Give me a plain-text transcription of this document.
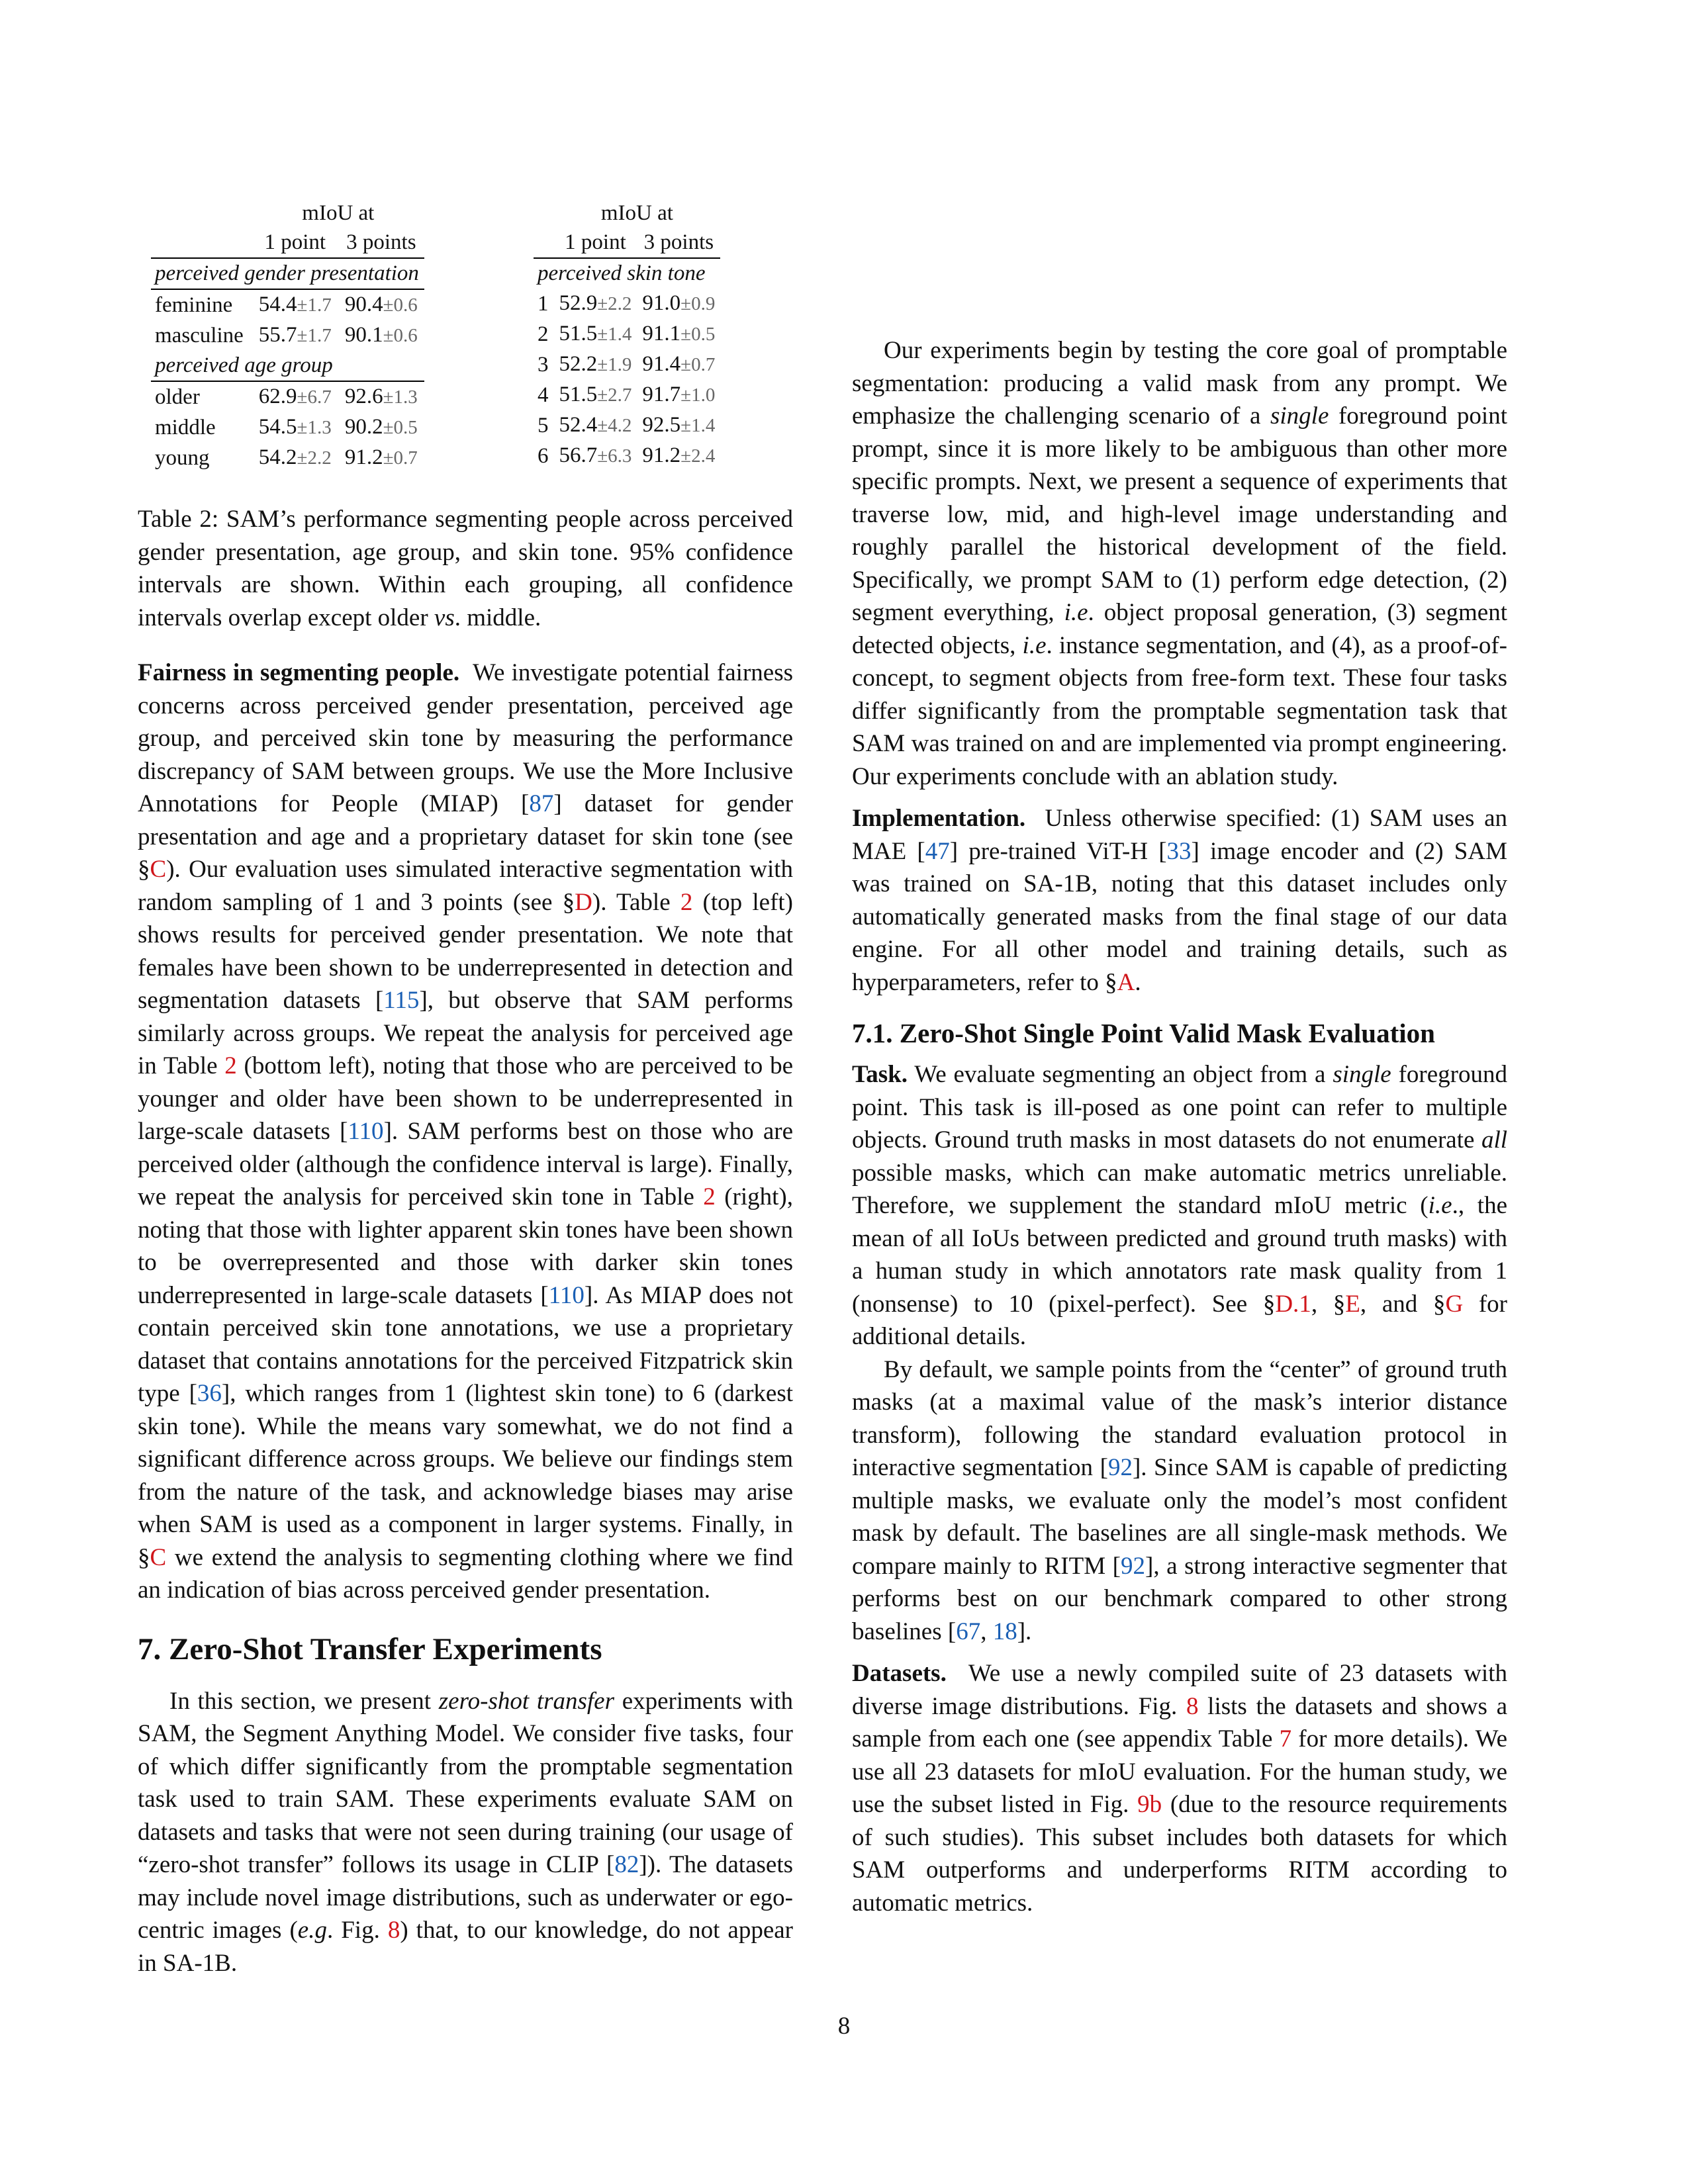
	mIoU at	
	1 point	3 points
perceived gender presentation		
feminine	54.4±1.7	90.4±0.6
masculine	55.7±1.7	90.1±0.6
perceived age group		
older	62.9±6.7	92.6±1.3
middle	54.5±1.3	90.2±0.5
young	54.2±2.2	91.2±0.7
	mIoU at	
	1 point	3 points
perceived skin tone		
1	52.9±2.2	91.0±0.9
2	51.5±1.4	91.1±0.5
3	52.2±1.9	91.4±0.7
4	51.5±2.7	91.7±1.0
5	52.4±4.2	92.5±1.4
6	56.7±6.3	91.2±2.4

Table 2: SAM’s performance segmenting people across perceived gender presentation, age group, and skin tone. 95% confidence intervals are shown. Within each grouping, all confidence intervals overlap except older vs. middle.

Fairness in segmenting people. We investigate potential fairness concerns across perceived gender presentation, perceived age group, and perceived skin tone by measuring the performance discrepancy of SAM between groups. We use the More Inclusive Annotations for People (MIAP) [87] dataset for gender presentation and age and a proprietary dataset for skin tone (see §C). Our evaluation uses simulated interactive segmentation with random sampling of 1 and 3 points (see §D). Table 2 (top left) shows results for perceived gender presentation. We note that females have been shown to be underrepresented in detection and segmentation datasets [115], but observe that SAM performs similarly across groups. We repeat the analysis for perceived age in Table 2 (bottom left), noting that those who are perceived to be younger and older have been shown to be underrepresented in large-scale datasets [110]. SAM performs best on those who are perceived older (although the confidence interval is large). Finally, we repeat the analysis for perceived skin tone in Table 2 (right), noting that those with lighter apparent skin tones have been shown to be overrepresented and those with darker skin tones underrepresented in large-scale datasets [110]. As MIAP does not contain perceived skin tone annotations, we use a proprietary dataset that contains annotations for the perceived Fitzpatrick skin type [36], which ranges from 1 (lightest skin tone) to 6 (darkest skin tone). While the means vary somewhat, we do not find a significant difference across groups. We believe our findings stem from the nature of the task, and acknowledge biases may arise when SAM is used as a component in larger systems. Finally, in §C we extend the analysis to segmenting clothing where we find an indication of bias across perceived gender presentation.

7. Zero-Shot Transfer Experiments

In this section, we present zero-shot transfer experiments with SAM, the Segment Anything Model. We consider five tasks, four of which differ significantly from the promptable segmentation task used to train SAM. These experiments evaluate SAM on datasets and tasks that were not seen during training (our usage of “zero-shot transfer” follows its usage in CLIP [82]). The datasets may include novel image distributions, such as underwater or ego-centric images (e.g. Fig. 8) that, to our knowledge, do not appear in SA-1B.

Our experiments begin by testing the core goal of promptable segmentation: producing a valid mask from any prompt. We emphasize the challenging scenario of a single foreground point prompt, since it is more likely to be ambiguous than other more specific prompts. Next, we present a sequence of experiments that traverse low, mid, and high-level image understanding and roughly parallel the historical development of the field. Specifically, we prompt SAM to (1) perform edge detection, (2) segment everything, i.e. object proposal generation, (3) segment detected objects, i.e. instance segmentation, and (4), as a proof-of-concept, to segment objects from free-form text. These four tasks differ significantly from the promptable segmentation task that SAM was trained on and are implemented via prompt engineering. Our experiments conclude with an ablation study.

Implementation. Unless otherwise specified: (1) SAM uses an MAE [47] pre-trained ViT-H [33] image encoder and (2) SAM was trained on SA-1B, noting that this dataset includes only automatically generated masks from the final stage of our data engine. For all other model and training details, such as hyperparameters, refer to §A.

7.1. Zero-Shot Single Point Valid Mask Evaluation

Task. We evaluate segmenting an object from a single foreground point. This task is ill-posed as one point can refer to multiple objects. Ground truth masks in most datasets do not enumerate all possible masks, which can make automatic metrics unreliable. Therefore, we supplement the standard mIoU metric (i.e., the mean of all IoUs between predicted and ground truth masks) with a human study in which annotators rate mask quality from 1 (nonsense) to 10 (pixel-perfect). See §D.1, §E, and §G for additional details.

By default, we sample points from the “center” of ground truth masks (at a maximal value of the mask’s interior distance transform), following the standard evaluation protocol in interactive segmentation [92]. Since SAM is capable of predicting multiple masks, we evaluate only the model’s most confident mask by default. The baselines are all single-mask methods. We compare mainly to RITM [92], a strong interactive segmenter that performs best on our benchmark compared to other strong baselines [67, 18].

Datasets. We use a newly compiled suite of 23 datasets with diverse image distributions. Fig. 8 lists the datasets and shows a sample from each one (see appendix Table 7 for more details). We use all 23 datasets for mIoU evaluation. For the human study, we use the subset listed in Fig. 9b (due to the resource requirements of such studies). This subset includes both datasets for which SAM outperforms and underperforms RITM according to automatic metrics.

8
